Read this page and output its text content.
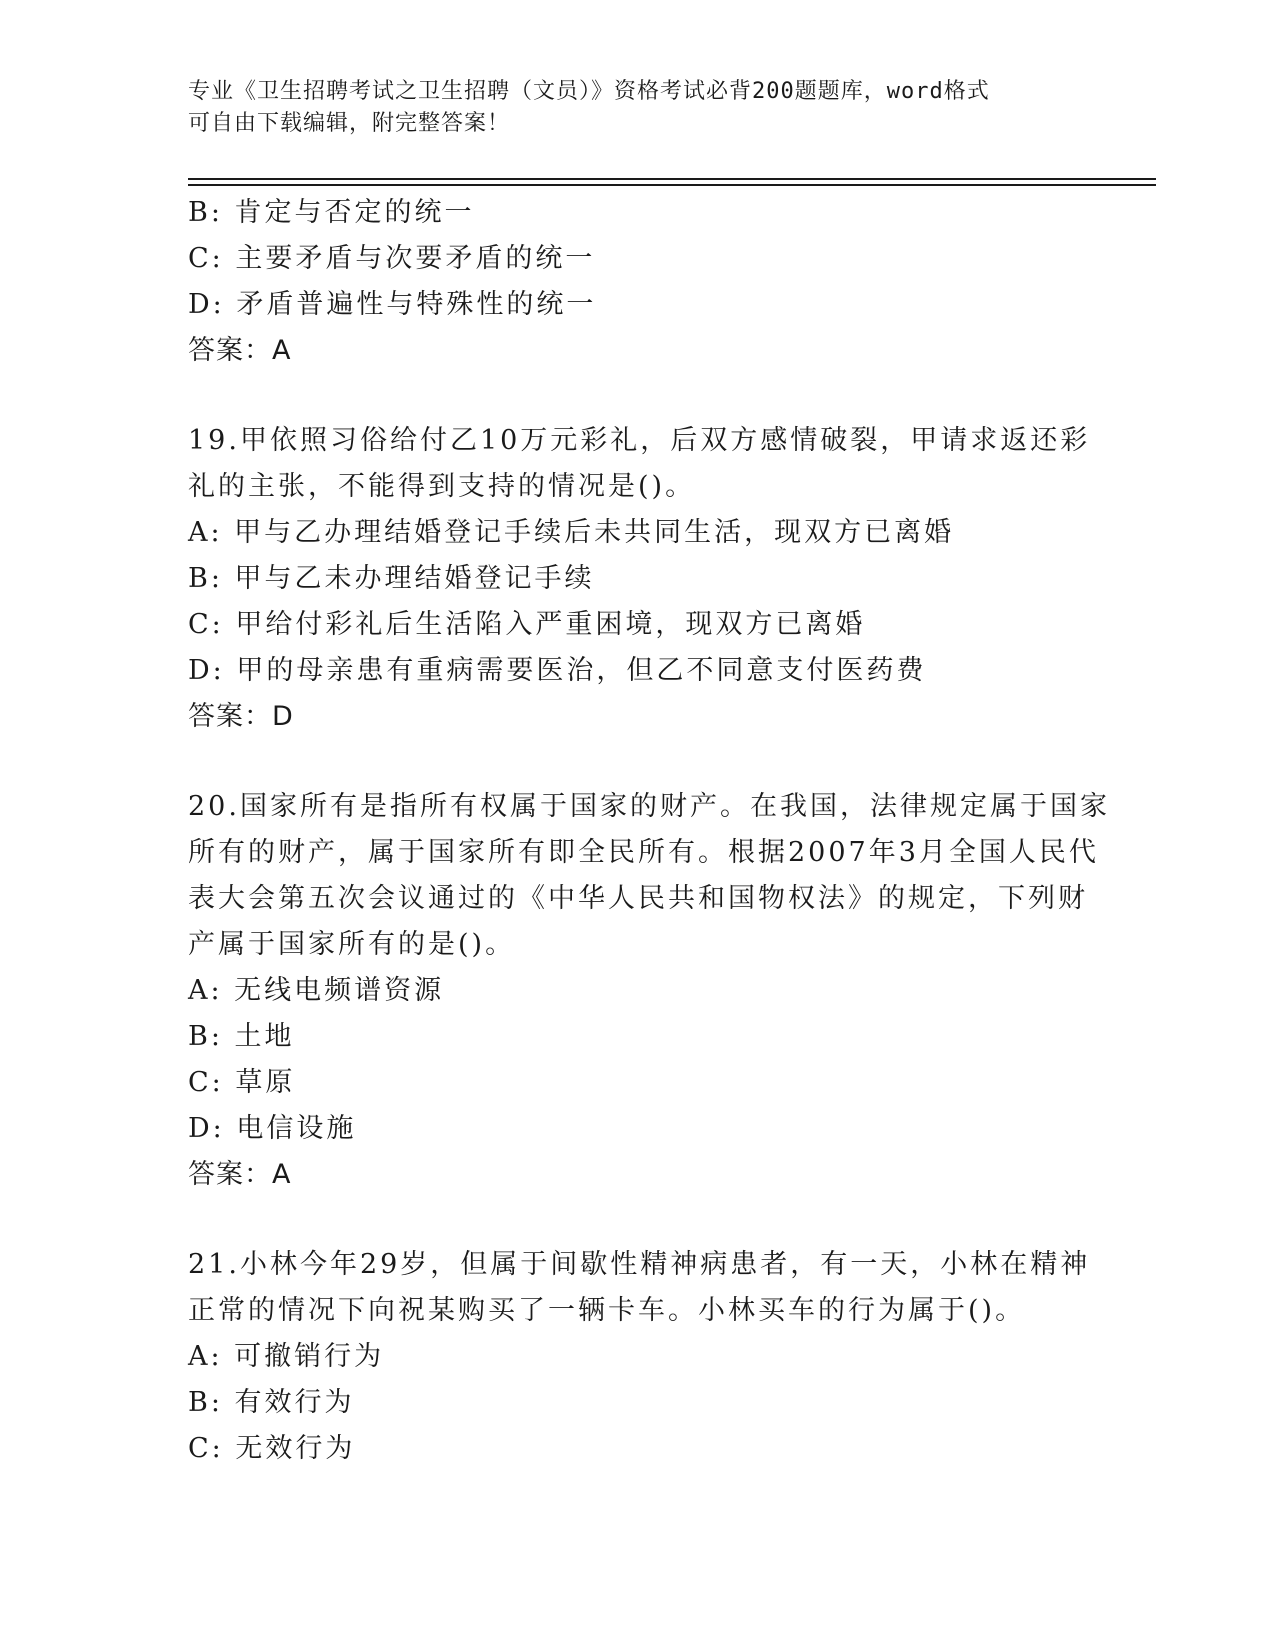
专业《卫生招聘考试之卫生招聘（文员）》资格考试必背200题题库，word格式
可自由下载编辑，附完整答案！
B: 肯定与否定的统一
C: 主要矛盾与次要矛盾的统一
D: 矛盾普遍性与特殊性的统一
答案：A
19.甲依照习俗给付乙10万元彩礼，后双方感情破裂，甲请求返还彩
礼的主张，不能得到支持的情况是()。
A: 甲与乙办理结婚登记手续后未共同生活，现双方已离婚
B: 甲与乙未办理结婚登记手续
C: 甲给付彩礼后生活陷入严重困境，现双方已离婚
D: 甲的母亲患有重病需要医治，但乙不同意支付医药费
答案：D
20.国家所有是指所有权属于国家的财产。在我国，法律规定属于国家
所有的财产，属于国家所有即全民所有。根据2007年3月全国人民代
表大会第五次会议通过的《中华人民共和国物权法》的规定，下列财
产属于国家所有的是()。
A: 无线电频谱资源
B: 土地
C: 草原
D: 电信设施
答案：A
21.小林今年29岁，但属于间歇性精神病患者，有一天，小林在精神
正常的情况下向祝某购买了一辆卡车。小林买车的行为属于()。
A: 可撤销行为
B: 有效行为
C: 无效行为
